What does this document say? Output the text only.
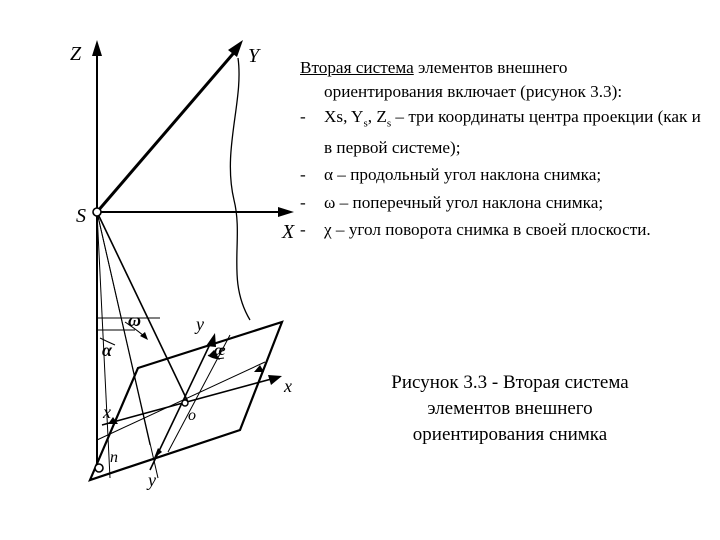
Z	Y
S
X
ω
α
y
æ
x
x	o
n
y

Вторая система элементов внешнего
ориентирования включает (рисунок 3.3):

- Xs, $Y_s$, $Z_s$ – три координаты центра проекции (как и в первой системе);
- α – продольный угол наклона снимка;
- ω – поперечный угол наклона снимка;
- χ – угол поворота снимка в своей плоскости.
Рисунок 3.3 - Вторая система
элементов внешнего
ориентирования снимка
